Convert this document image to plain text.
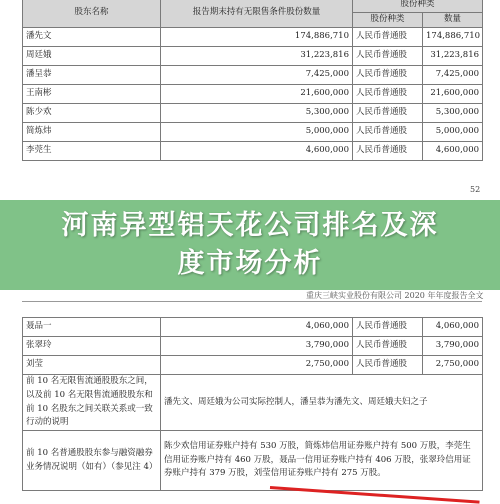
股东名称	报告期末持有无限售条件股份数量	股份种类	
		股份种类	数量
潘先文	174,886,710	人民币普通股	174,886,710
周廷娥	31,223,816	人民币普通股	31,223,816
潘呈恭	7,425,000	人民币普通股	7,425,000
王南彬	21,600,000	人民币普通股	21,600,000
陈少欢	5,300,000	人民币普通股	5,300,000
简炼炜	5,000,000	人民币普通股	5,000,000
李莞生	4,600,000	人民币普通股	4,600,000
52
重庆三峡实业股份有限公司 2020 年年度报告全文
聂品一	4,060,000	人民币普通股	4,060,000
张翠玲	3,790,000	人民币普通股	3,790,000
刘莹	2,750,000	人民币普通股	2,750,000
前 10 名无限售流通股股东之间，以及前 10 名无限售流通股股东和前 10 名股东之间关联关系或一致行动的说明	潘先文、周廷娥为公司实际控制人，潘呈恭为潘先文、周廷娥夫妇之子		
前 10 名普通股股东参与融资融券业务情况说明（如有）（参见注 4）	陈少欢信用证券账户持有 530 万股，简炼炜信用证券账户持有 500 万股，李莞生信用证券账户持有 460 万股，聂品一信用证券账户持有 406 万股，张翠玲信用证券账户持有 379 万股，刘莹信用证券账户持有 275 万股。		
河南异型铝天花公司排名及深
度市场分析
